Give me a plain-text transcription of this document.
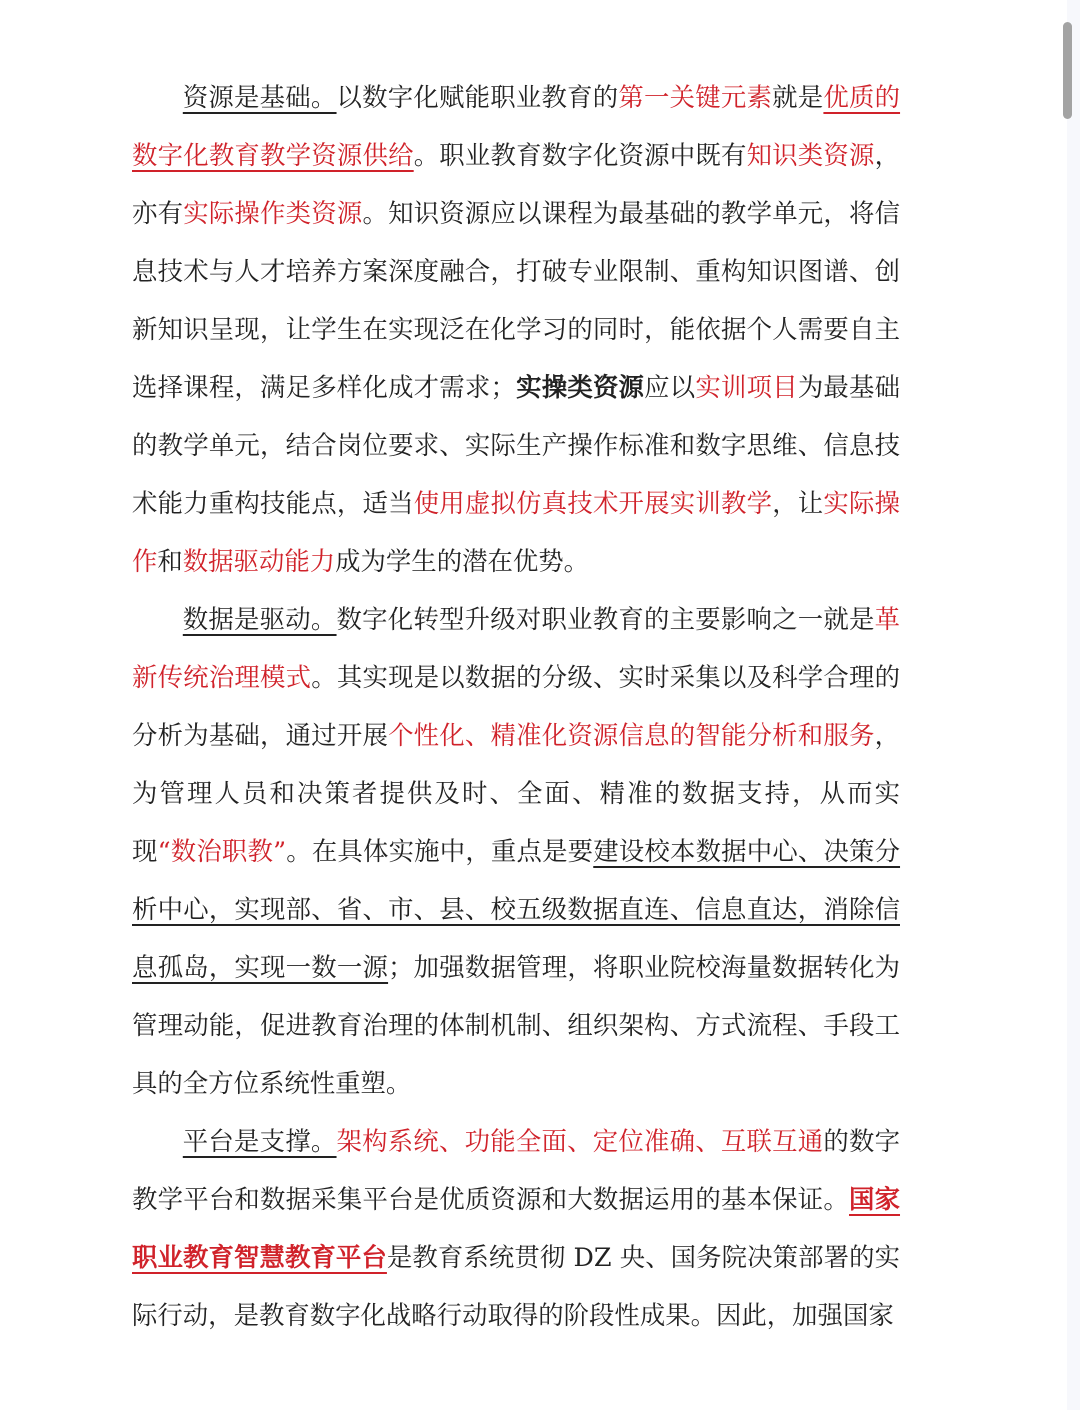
资源是基础。以数字化赋能职业教育的第一关键元素就是优质的数字化教育教学资源供给。职业教育数字化资源中既有知识类资源，亦有实际操作类资源。知识资源应以课程为最基础的教学单元，将信息技术与人才培养方案深度融合，打破专业限制、重构知识图谱、创新知识呈现，让学生在实现泛在化学习的同时，能依据个人需要自主选择课程，满足多样化成才需求；实操类资源应以实训项目为最基础的教学单元，结合岗位要求、实际生产操作标准和数字思维、信息技术能力重构技能点，适当使用虚拟仿真技术开展实训教学，让实际操作和数据驱动能力成为学生的潜在优势。

数据是驱动。数字化转型升级对职业教育的主要影响之一就是革新传统治理模式。其实现是以数据的分级、实时采集以及科学合理的分析为基础，通过开展个性化、精准化资源信息的智能分析和服务，为管理人员和决策者提供及时、全面、精准的数据支持，从而实现“数治职教”。在具体实施中，重点是要建设校本数据中心、决策分析中心，实现部、省、市、县、校五级数据直连、信息直达，消除信息孤岛，实现一数一源；加强数据管理，将职业院校海量数据转化为管理动能，促进教育治理的体制机制、组织架构、方式流程、手段工具的全方位系统性重塑。

平台是支撑。架构系统、功能全面、定位准确、互联互通的数字教学平台和数据采集平台是优质资源和大数据运用的基本保证。国家职业教育智慧教育平台是教育系统贯彻 DZ 央、国务院决策部署的实际行动，是教育数字化战略行动取得的阶段性成果。因此，加强国家
